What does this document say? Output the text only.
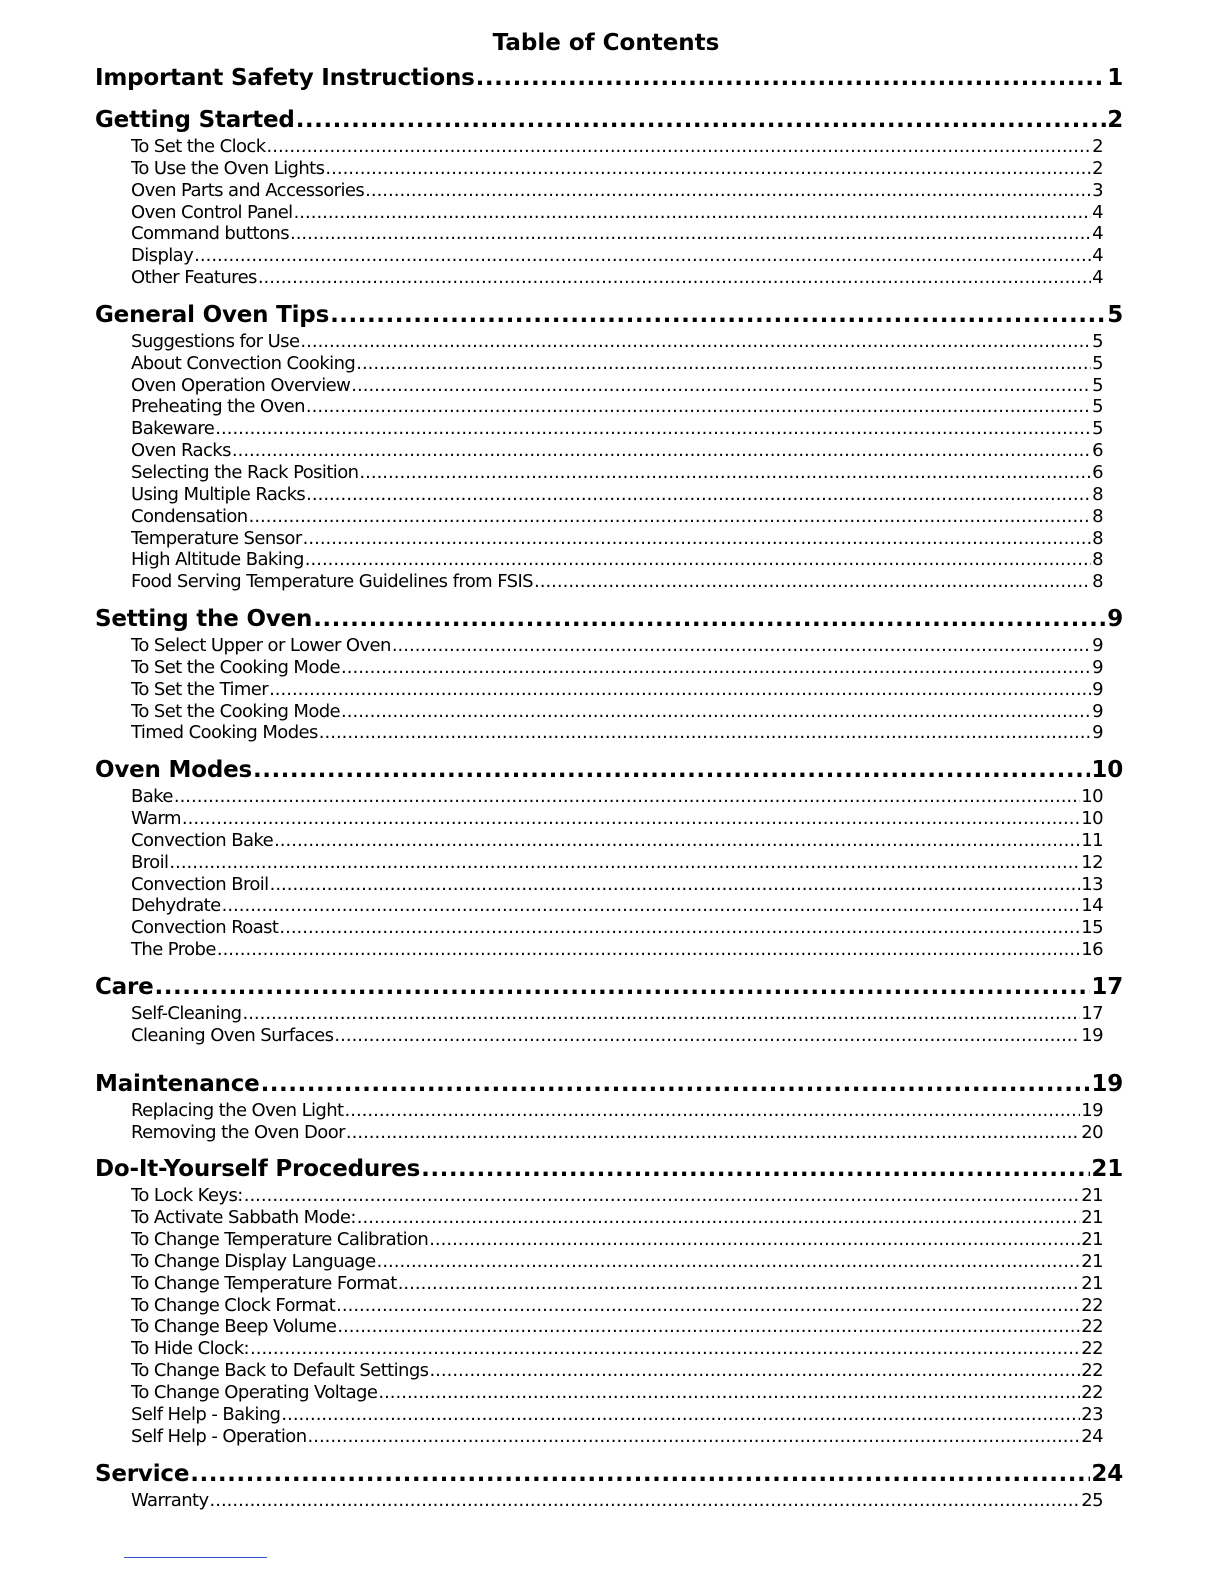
Table of Contents
Important Safety Instructions .....	1
Getting Started .....	2
To Set the Clock .....	2
To Use the Oven Lights .....	2
Oven Parts and Accessories .....	3
Oven Control Panel .....	4
Command buttons .....	4
Display .....	4
Other Features .....	4
General Oven Tips .....	5
Suggestions for Use .....	5
About Convection Cooking .....	5
Oven Operation Overview .....	5
Preheating the Oven .....	5
Bakeware .....	5
Oven Racks .....	6
Selecting the Rack Position .....	6
Using Multiple Racks .....	8
Condensation .....	8
Temperature Sensor .....	8
High Altitude Baking .....	8
Food Serving Temperature Guidelines from FSIS .....	8
Setting the Oven .....	9
To Select Upper or Lower Oven .....	9
To Set the Cooking Mode .....	9
To Set the Timer .....	9
To Set the Cooking Mode .....	9
Timed Cooking Modes .....	9
Oven Modes .....	10
Bake .....	10
Warm .....	10
Convection Bake .....	11
Broil .....	12
Convection Broil .....	13
Dehydrate .....	14
Convection Roast .....	15
The Probe .....	16
Care .....	17
Self-Cleaning .....	17
Cleaning Oven Surfaces .....	19
Maintenance .....	19
Replacing the Oven Light .....	19
Removing the Oven Door .....	20
Do-It-Yourself Procedures .....	21
To Lock Keys: .....	21
To Activate Sabbath Mode: .....	21
To Change Temperature Calibration .....	21
To Change Display Language .....	21
To Change Temperature Format .....	21
To Change Clock Format .....	22
To Change Beep Volume .....	22
To Hide Clock: .....	22
To Change Back to Default Settings .....	22
To Change Operating Voltage .....	22
Self Help - Baking .....	23
Self Help - Operation .....	24
Service .....	24
Warranty .....	25
